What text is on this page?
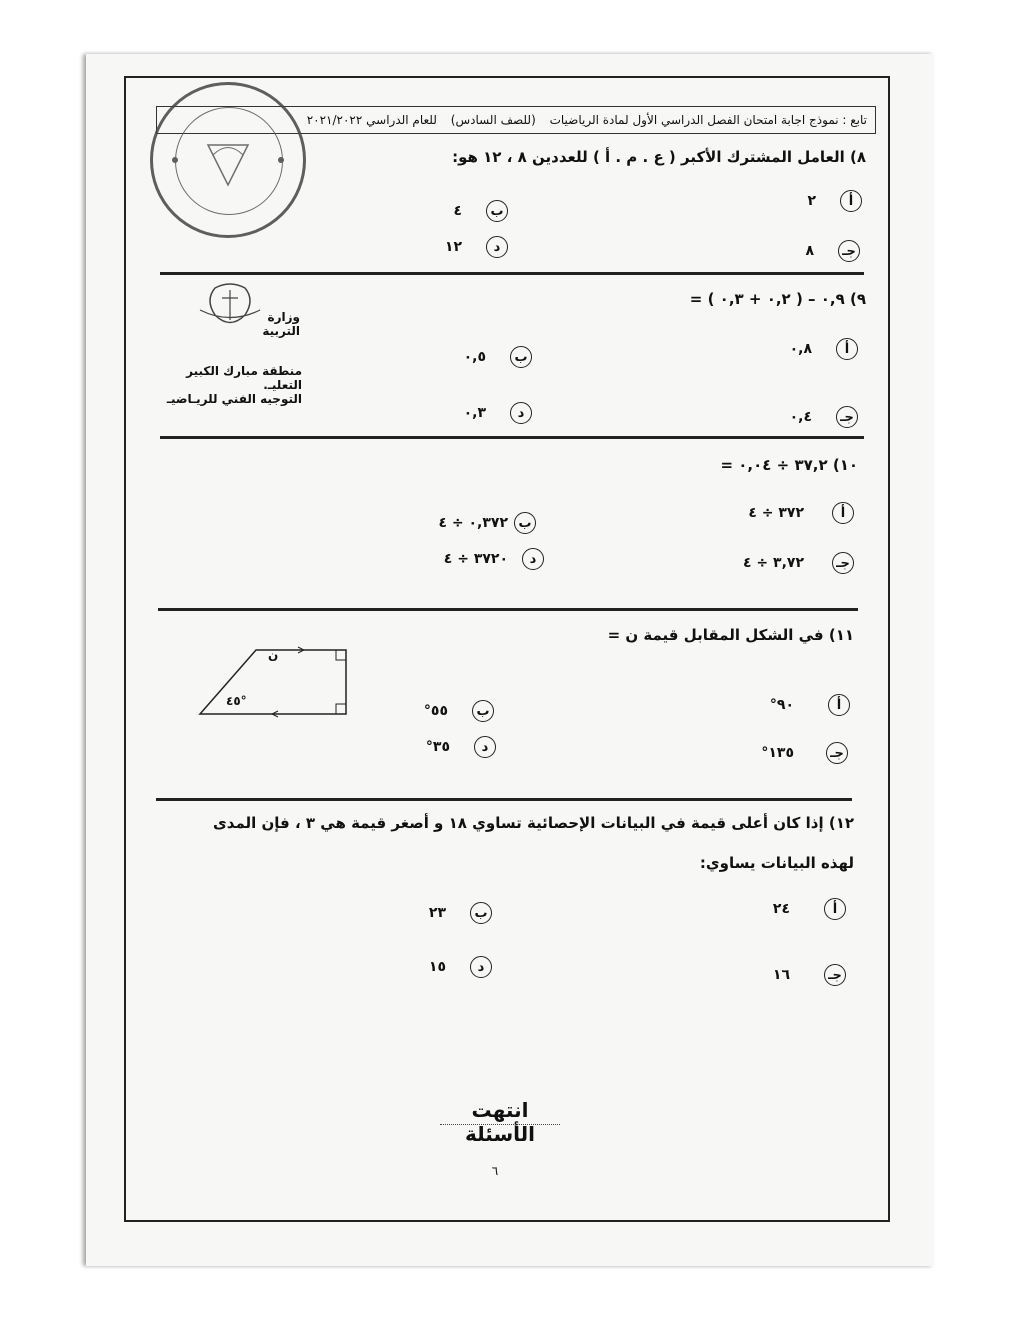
تابع : نموذج اجابة امتحان الفصل الدراسي الأول لمادة الرياضيات (للصف السادس) للعام الدراسي ٢٠٢١/٢٠٢٢
وزارة التربية
منطقة مبارك الكبير التعليـ.
التوجيه الفني للريـاضيـ
٨) العامل المشترك الأكبر ( ع . م . أ ) للعددين ٨ ، ١٢ هو:
أ
٢
ب
٤
جـ
٨
د
١٢
٩) ٠,٩ – ( ٠,٢ + ٠,٣ ) =
أ
٠,٨
ب
٠,٥
جـ
٠,٤
د
٠,٣
١٠) ٣٧,٢ ÷ ٠,٠٤ =
أ
٣٧٢ ÷ ٤
ب
٠,٣٧٢ ÷ ٤
جـ
٣,٧٢ ÷ ٤
د
٣٧٢٠ ÷ ٤
١١) في الشكل المقابل قيمة ن =
٤٥°
ن
أ
٩٠°
ب
٥٥°
جـ
١٣٥°
د
٣٥°
١٢) إذا كان أعلى قيمة في البيانات الإحصائية تساوي ١٨ و أصغر قيمة هي ٣ ، فإن المدى
لهذه البيانات يساوي:
أ
٢٤
ب
٢٣
جـ
١٦
د
١٥
انتهت الأسئلة
٦
